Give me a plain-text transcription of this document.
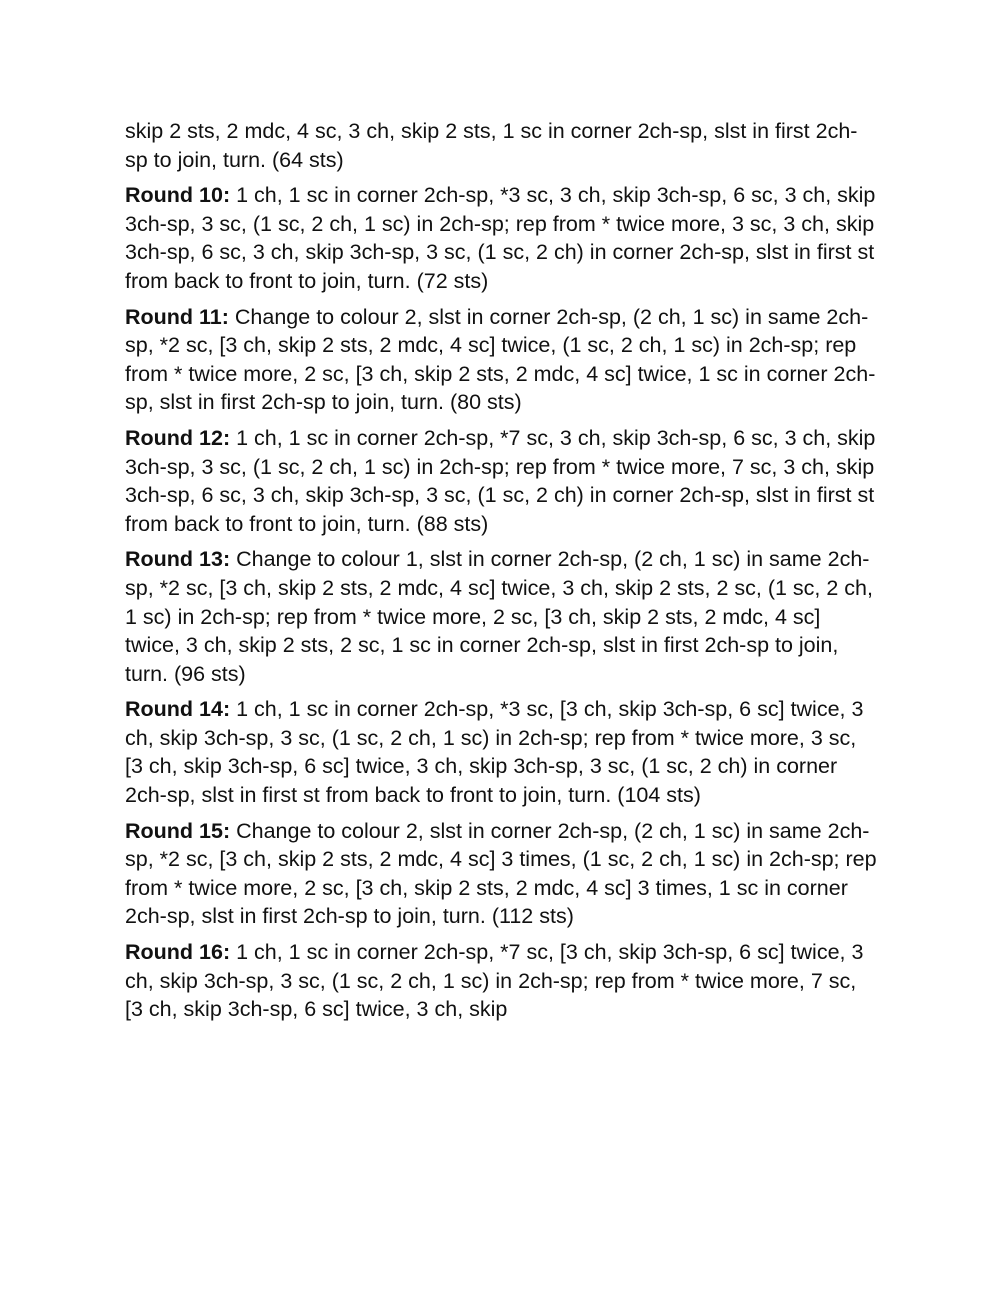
skip 2 sts, 2 mdc, 4 sc, 3 ch, skip 2 sts, 1 sc in corner 2ch-sp, slst in first 2ch-sp to join, turn. (64 sts)

Round 10: 1 ch, 1 sc in corner 2ch-sp, *3 sc, 3 ch, skip 3ch-sp, 6 sc, 3 ch, skip 3ch-sp, 3 sc, (1 sc, 2 ch, 1 sc) in 2ch-sp; rep from * twice more, 3 sc, 3 ch, skip 3ch-sp, 6 sc, 3 ch, skip 3ch-sp, 3 sc, (1 sc, 2 ch) in corner 2ch-sp, slst in first st from back to front to join, turn. (72 sts)

Round 11: Change to colour 2, slst in corner 2ch-sp, (2 ch, 1 sc) in same 2ch-sp, *2 sc, [3 ch, skip 2 sts, 2 mdc, 4 sc] twice, (1 sc, 2 ch, 1 sc) in 2ch-sp; rep from * twice more, 2 sc, [3 ch, skip 2 sts, 2 mdc, 4 sc] twice, 1 sc in corner 2ch-sp, slst in first 2ch-sp to join, turn. (80 sts)

Round 12: 1 ch, 1 sc in corner 2ch-sp, *7 sc, 3 ch, skip 3ch-sp, 6 sc, 3 ch, skip 3ch-sp, 3 sc, (1 sc, 2 ch, 1 sc) in 2ch-sp; rep from * twice more, 7 sc, 3 ch, skip 3ch-sp, 6 sc, 3 ch, skip 3ch-sp, 3 sc, (1 sc, 2 ch) in corner 2ch-sp, slst in first st from back to front to join, turn. (88 sts)

Round 13: Change to colour 1, slst in corner 2ch-sp, (2 ch, 1 sc) in same 2ch-sp, *2 sc, [3 ch, skip 2 sts, 2 mdc, 4 sc] twice, 3 ch, skip 2 sts, 2 sc, (1 sc, 2 ch, 1 sc) in 2ch-sp; rep from * twice more, 2 sc, [3 ch, skip 2 sts, 2 mdc, 4 sc] twice, 3 ch, skip 2 sts, 2 sc, 1 sc in corner 2ch-sp, slst in first 2ch-sp to join, turn. (96 sts)

Round 14: 1 ch, 1 sc in corner 2ch-sp, *3 sc, [3 ch, skip 3ch-sp, 6 sc] twice, 3 ch, skip 3ch-sp, 3 sc, (1 sc, 2 ch, 1 sc) in 2ch-sp; rep from * twice more, 3 sc, [3 ch, skip 3ch-sp, 6 sc] twice, 3 ch, skip 3ch-sp, 3 sc, (1 sc, 2 ch) in corner 2ch-sp, slst in first st from back to front to join, turn. (104 sts)

Round 15: Change to colour 2, slst in corner 2ch-sp, (2 ch, 1 sc) in same 2ch-sp, *2 sc, [3 ch, skip 2 sts, 2 mdc, 4 sc] 3 times, (1 sc, 2 ch, 1 sc) in 2ch-sp; rep from * twice more, 2 sc, [3 ch, skip 2 sts, 2 mdc, 4 sc] 3 times, 1 sc in corner 2ch-sp, slst in first 2ch-sp to join, turn. (112 sts)

Round 16: 1 ch, 1 sc in corner 2ch-sp, *7 sc, [3 ch, skip 3ch-sp, 6 sc] twice, 3 ch, skip 3ch-sp, 3 sc, (1 sc, 2 ch, 1 sc) in 2ch-sp; rep from * twice more, 7 sc, [3 ch, skip 3ch-sp, 6 sc] twice, 3 ch, skip
